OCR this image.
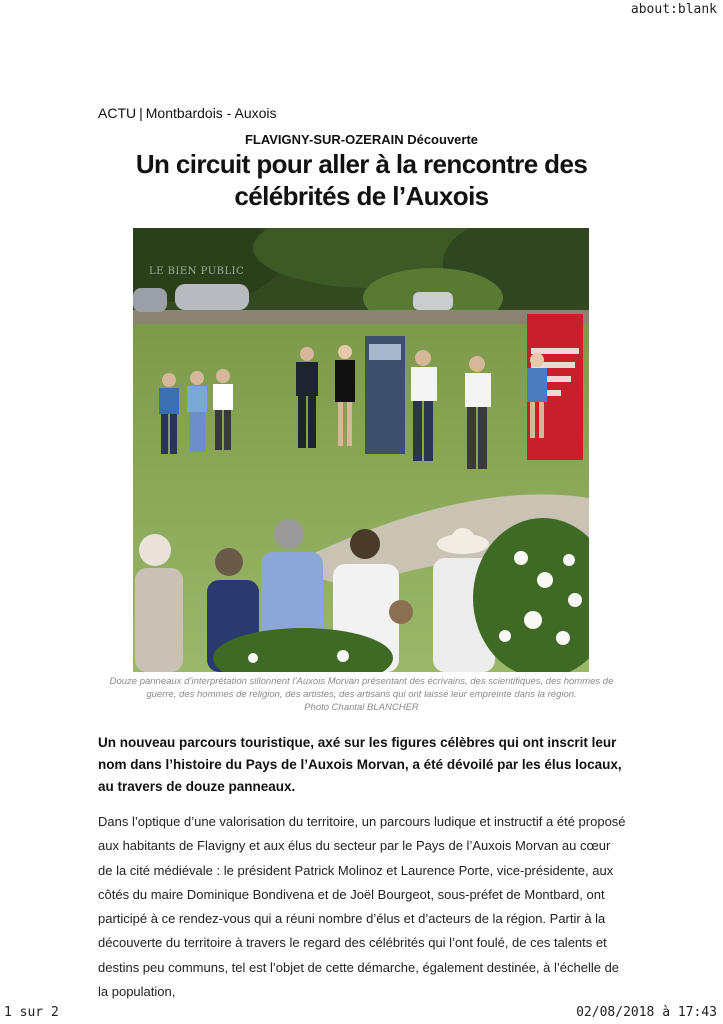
about:blank
ACTU | Montbardois - Auxois
FLAVIGNY-SUR-OZERAIN Découverte
Un circuit pour aller à la rencontre des célébrités de l’Auxois
LE BIEN PUBLIC
Douze panneaux d’interprétation sillonnent l’Auxois Morvan présentant des écrivains, des scientifiques, des hommes de guerre, des hommes de religion, des artistes, des artisans qui ont laissé leur empreinte dans la région.
Photo Chantal BLANCHER

Un nouveau parcours touristique, axé sur les figures célèbres qui ont inscrit leur nom dans l’histoire du Pays de l’Auxois Morvan, a été dévoilé par les élus locaux, au travers de douze panneaux.

Dans l’optique d’une valorisation du territoire, un parcours ludique et instructif a été proposé aux habitants de Flavigny et aux élus du secteur par le Pays de l’Auxois Morvan au cœur de la cité médiévale : le président Patrick Molinoz et Laurence Porte, vice-présidente, aux côtés du maire Dominique Bondivena et de Joël Bourgeot, sous-préfet de Montbard, ont participé à ce rendez-vous qui a réuni nombre d’élus et d’acteurs de la région. Partir à la découverte du territoire à travers le regard des célébrités qui l’ont foulé, de ces talents et destins peu communs, tel est l’objet de cette démarche, également destinée, à l’échelle de la population,

1 sur 2	02/08/2018 à 17:43
